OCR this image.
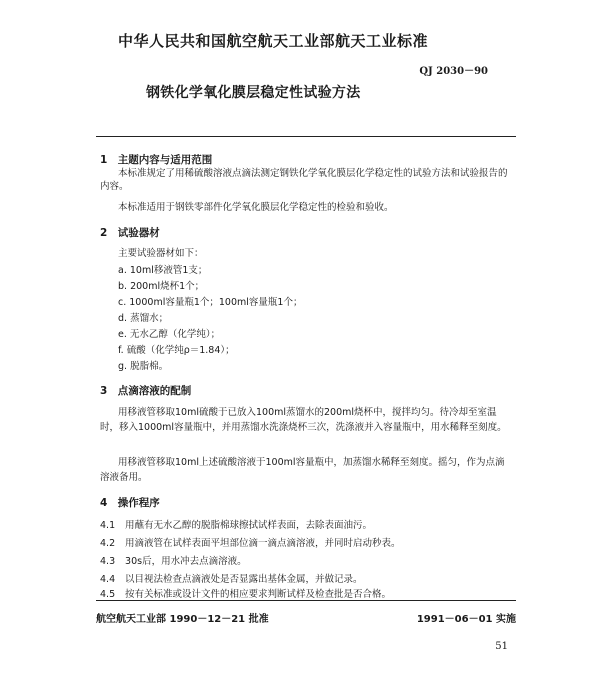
中华人民共和国航空航天工业部航天工业标准
QJ 2030－90
钢铁化学氧化膜层稳定性试验方法
1　主题内容与适用范围
本标准规定了用稀硫酸溶液点滴法测定钢铁化学氧化膜层化学稳定性的试验方法和试验报告的内容。
本标准适用于钢铁零部件化学氧化膜层化学稳定性的检验和验收。
2　试验器材
主要试验器材如下：
a. 10ml移液管1支；
b. 200ml烧杯1个；
c. 1000ml容量瓶1个；100ml容量瓶1个；
d. 蒸馏水；
e. 无水乙醇（化学纯）；
f. 硫酸（化学纯ρ＝1.84）；
g. 脱脂棉。
3　点滴溶液的配制
用移液管移取10ml硫酸于已放入100ml蒸馏水的200ml烧杯中，搅拌均匀。待冷却至室温时，移入1000ml容量瓶中，并用蒸馏水洗涤烧杯三次，洗涤液并入容量瓶中，用水稀释至刻度。
用移液管移取10ml上述硫酸溶液于100ml容量瓶中，加蒸馏水稀释至刻度。摇匀，作为点滴溶液备用。
4　操作程序
4.1 用蘸有无水乙醇的脱脂棉球擦拭试样表面，去除表面油污。
4.2 用滴液管在试样表面平坦部位滴一滴点滴溶液，并同时启动秒表。
4.3 30s后，用水冲去点滴溶液。
4.4 以目视法检查点滴液处是否显露出基体金属，并做记录。
4.5 按有关标准或设计文件的相应要求判断试样及检查批是否合格。
航空航天工业部 1990－12－21 批准	1991－06－01 实施
51
